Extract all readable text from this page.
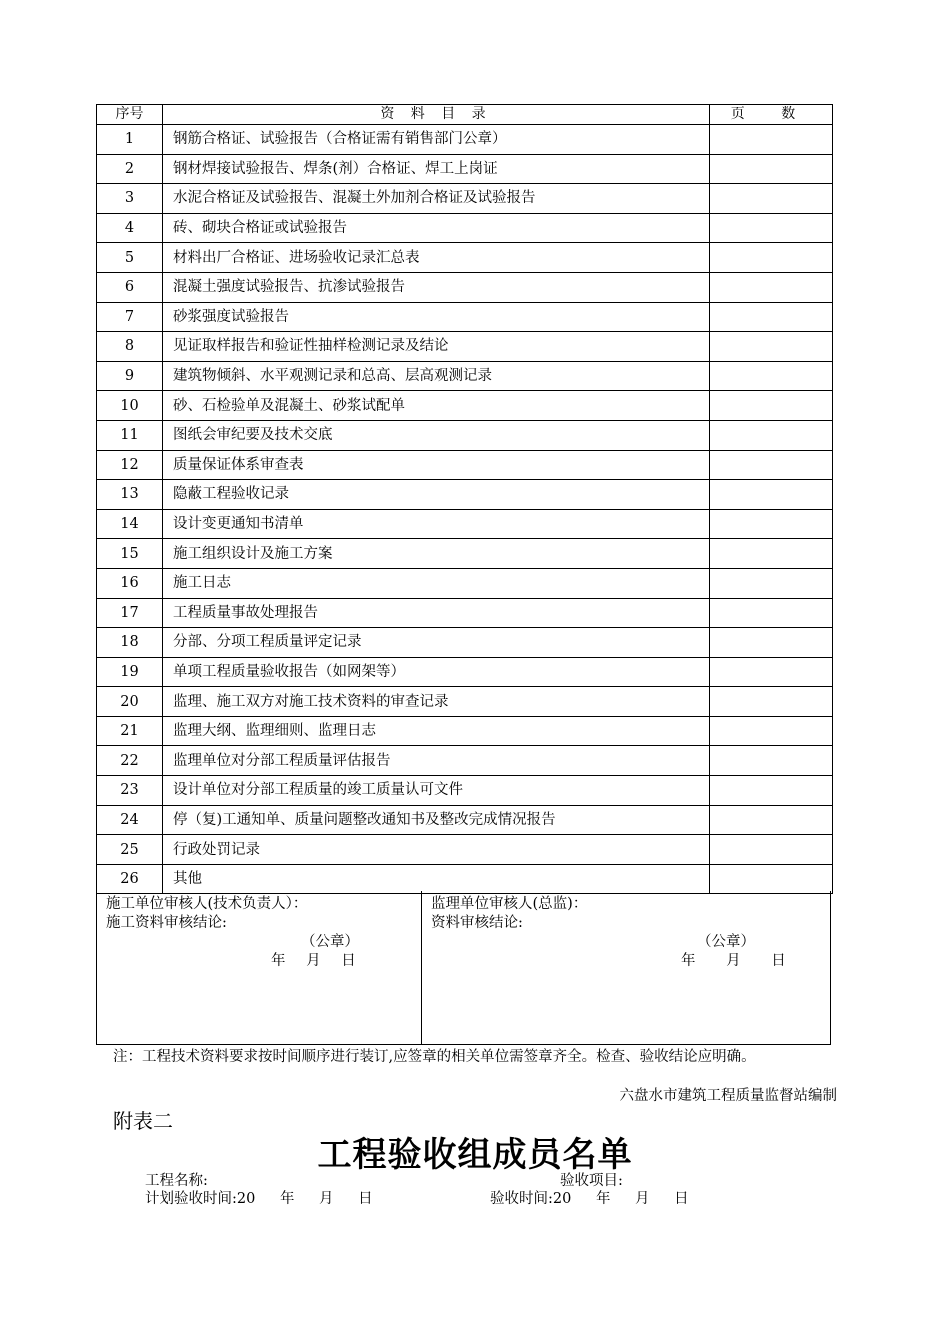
序号	资 料 目 录	页 数
1	钢筋合格证、试验报告（合格证需有销售部门公章）	
2	钢材焊接试验报告、焊条(剂）合格证、焊工上岗证	
3	水泥合格证及试验报告、混凝土外加剂合格证及试验报告	
4	砖、砌块合格证或试验报告	
5	材料出厂合格证、进场验收记录汇总表	
6	混凝土强度试验报告、抗渗试验报告	
7	砂浆强度试验报告	
8	见证取样报告和验证性抽样检测记录及结论	
9	建筑物倾斜、水平观测记录和总高、层高观测记录	
10	砂、石检验单及混凝土、砂浆试配单	
11	图纸会审纪要及技术交底	
12	质量保证体系审查表	
13	隐蔽工程验收记录	
14	设计变更通知书清单	
15	施工组织设计及施工方案	
16	施工日志	
17	工程质量事故处理报告	
18	分部、分项工程质量评定记录	
19	单项工程质量验收报告（如网架等）	
20	监理、施工双方对施工技术资料的审查记录	
21	监理大纲、监理细则、监理日志	
22	监理单位对分部工程质量评估报告	
23	设计单位对分部工程质量的竣工质量认可文件	
24	停（复)工通知单、质量问题整改通知书及整改完成情况报告	
25	行政处罚记录	
26	其他	
施工单位审核人(技术负责人）：
施工资料审核结论:
（公章）
年 月 日
监理单位审核人(总监)：
资料审核结论:
（公章）
年 月 日
注：工程技术资料要求按时间顺序进行装订,应签章的相关单位需签章齐全。检查、验收结论应明确。
六盘水市建筑工程质量监督站编制
附表二
工程验收组成员名单
工程名称:	验收项目:
计划验收时间:20 年 月 日	验收时间:20 年 月 日
